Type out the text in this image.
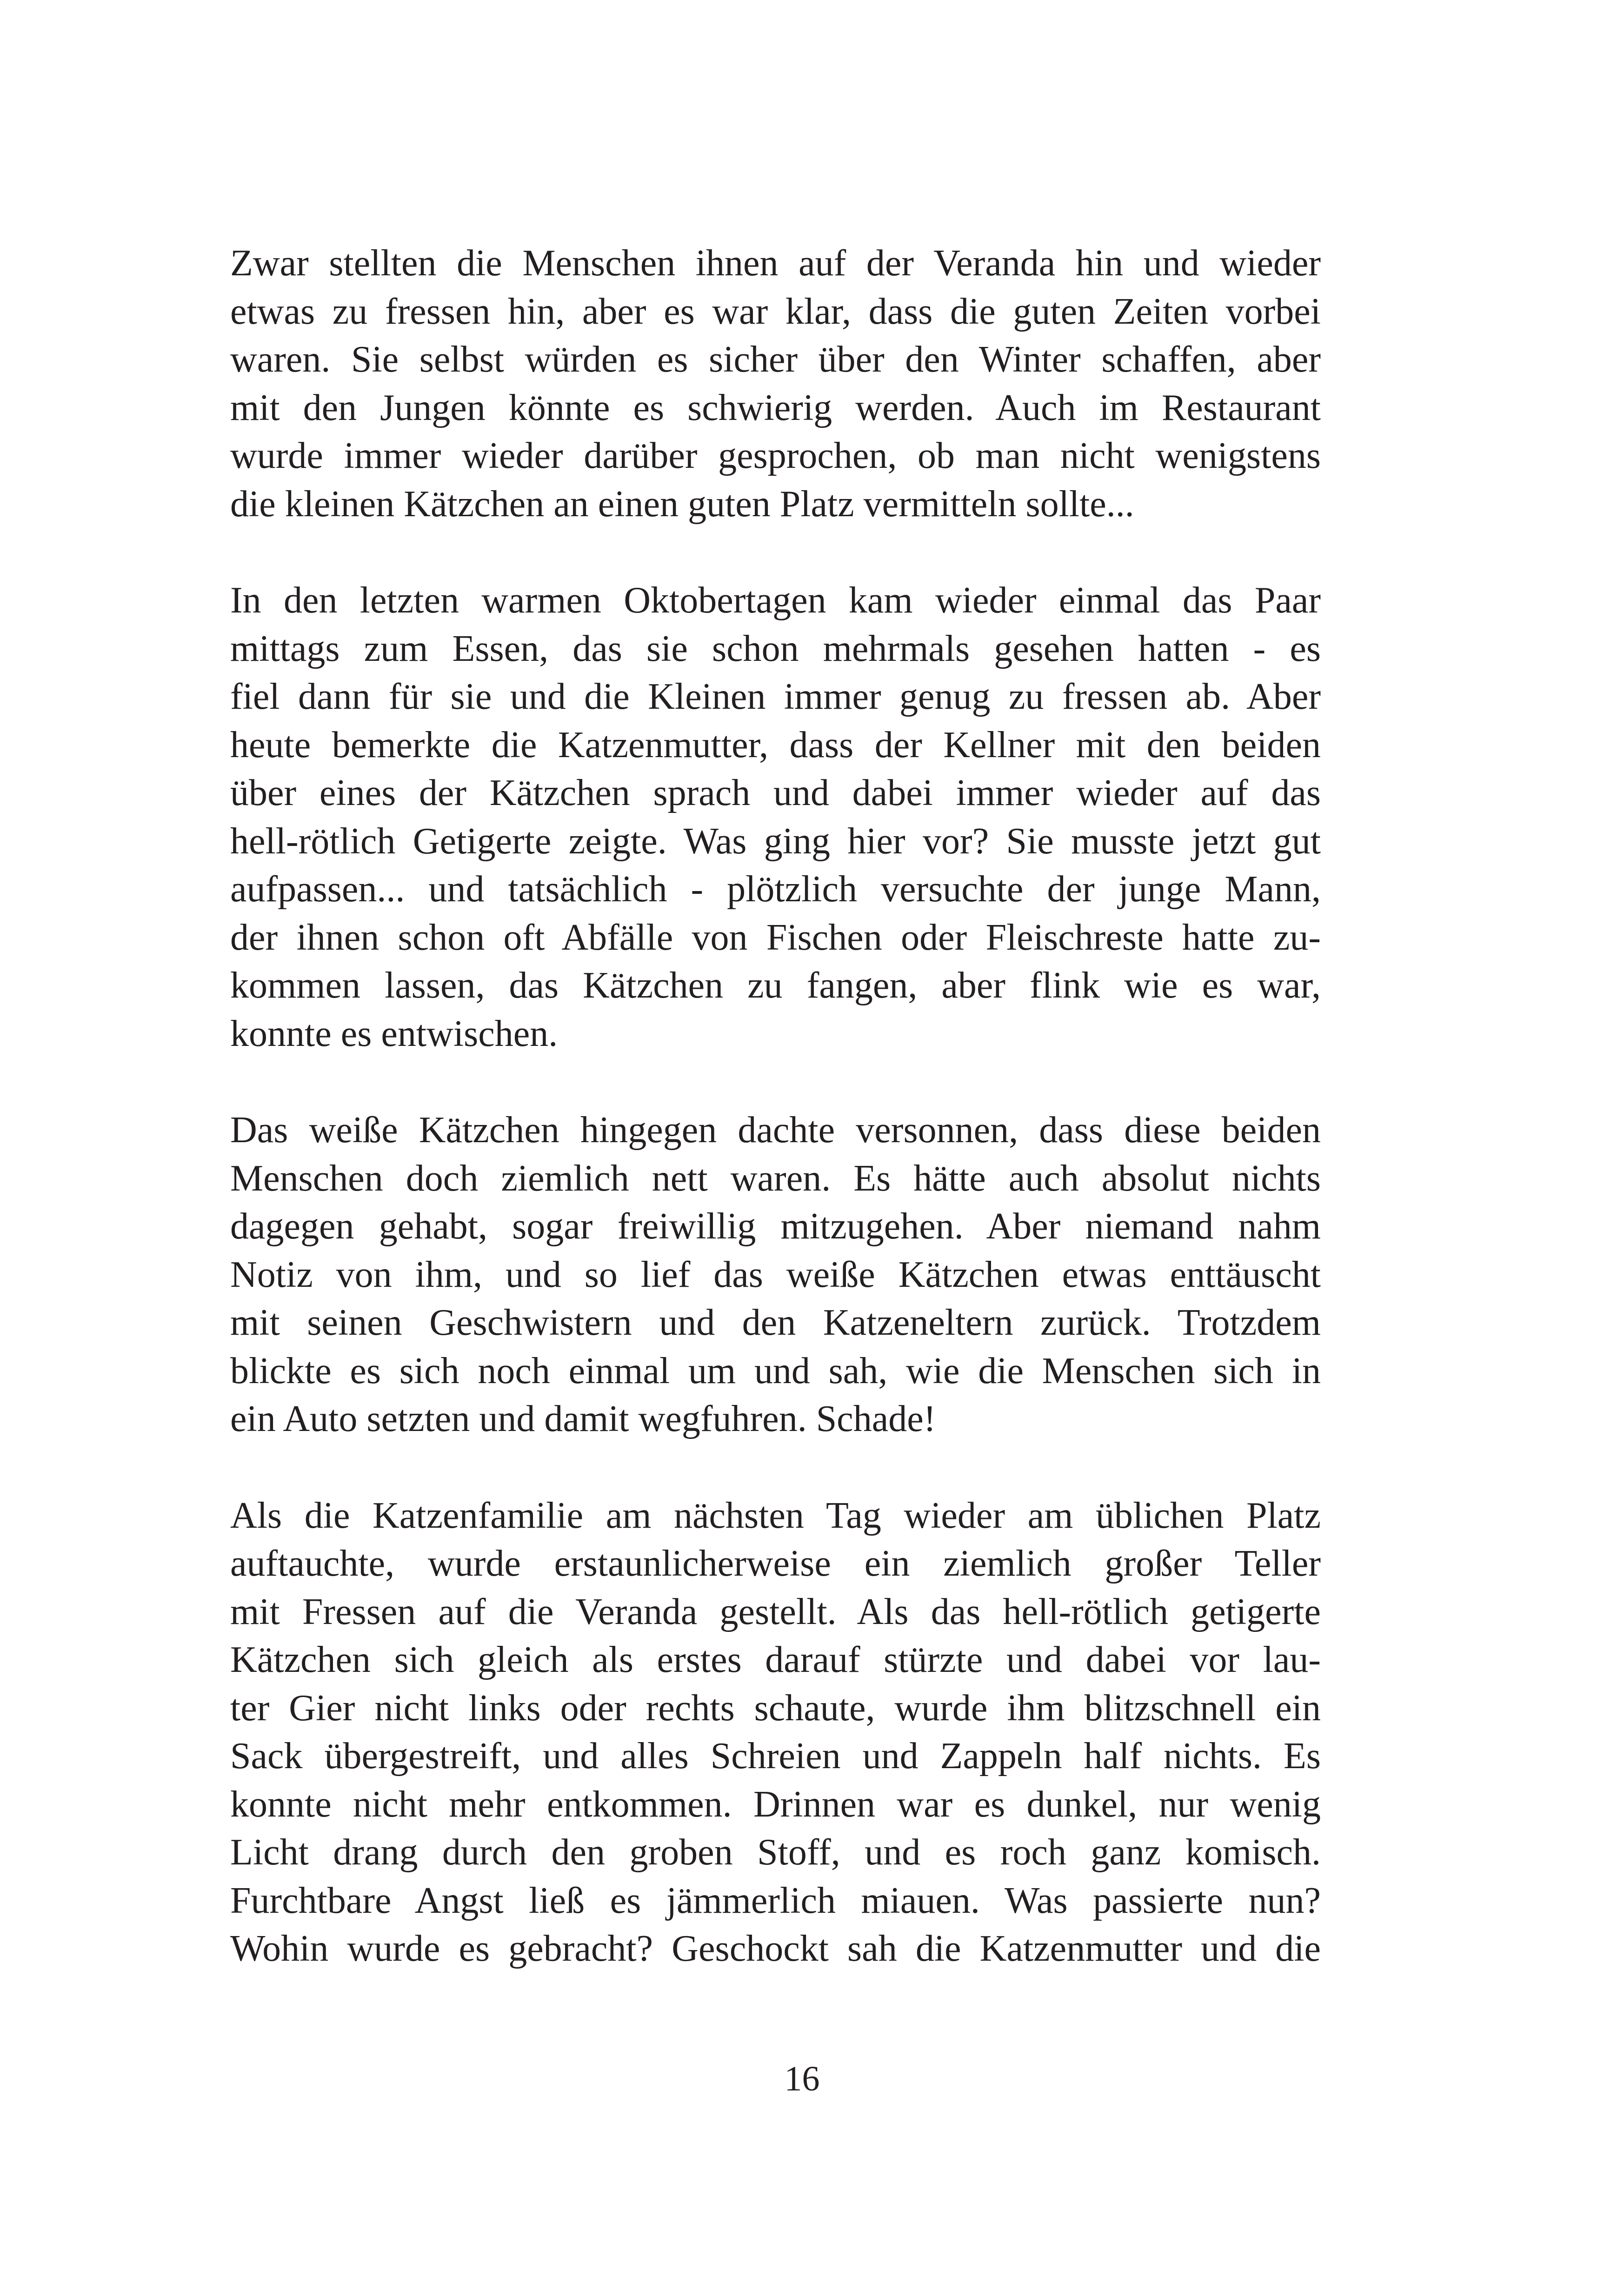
Zwar stellten die Menschen ihnen auf der Veranda hin und wieder
etwas zu fressen hin, aber es war klar, dass die guten Zeiten vorbei
waren. Sie selbst würden es sicher über den Winter schaffen, aber
mit den Jungen könnte es schwierig werden. Auch im Restaurant
wurde immer wieder darüber gesprochen, ob man nicht wenigstens
die kleinen Kätzchen an einen guten Platz vermitteln sollte...
In den letzten warmen Oktobertagen kam wieder einmal das Paar
mittags zum Essen, das sie schon mehrmals gesehen hatten - es
fiel dann für sie und die Kleinen immer genug zu fressen ab. Aber
heute bemerkte die Katzenmutter, dass der Kellner mit den beiden
über eines der Kätzchen sprach und dabei immer wieder auf das
hell-rötlich Getigerte zeigte. Was ging hier vor? Sie musste jetzt gut
aufpassen... und tatsächlich - plötzlich versuchte der junge Mann,
der ihnen schon oft Abfälle von Fischen oder Fleischreste hatte zu-
kommen lassen, das Kätzchen zu fangen, aber flink wie es war,
konnte es entwischen.
Das weiße Kätzchen hingegen dachte versonnen, dass diese beiden
Menschen doch ziemlich nett waren. Es hätte auch absolut nichts
dagegen gehabt, sogar freiwillig mitzugehen. Aber niemand nahm
Notiz von ihm, und so lief das weiße Kätzchen etwas enttäuscht
mit seinen Geschwistern und den Katzeneltern zurück. Trotzdem
blickte es sich noch einmal um und sah, wie die Menschen sich in
ein Auto setzten und damit wegfuhren. Schade!
Als die Katzenfamilie am nächsten Tag wieder am üblichen Platz
auftauchte, wurde erstaunlicherweise ein ziemlich großer Teller
mit Fressen auf die Veranda gestellt. Als das hell-rötlich getigerte
Kätzchen sich gleich als erstes darauf stürzte und dabei vor lau-
ter Gier nicht links oder rechts schaute, wurde ihm blitzschnell ein
Sack übergestreift, und alles Schreien und Zappeln half nichts. Es
konnte nicht mehr entkommen. Drinnen war es dunkel, nur wenig
Licht drang durch den groben Stoff, und es roch ganz komisch.
Furchtbare Angst ließ es jämmerlich miauen. Was passierte nun?
Wohin wurde es gebracht? Geschockt sah die Katzenmutter und die
16
